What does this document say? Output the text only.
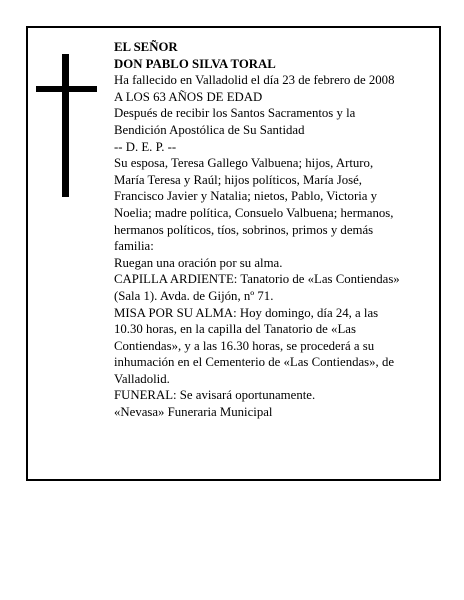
EL SEÑOR

DON PABLO SILVA TORAL

Ha fallecido en Valladolid el día 23 de febrero de 2008

A LOS 63 AÑOS DE EDAD

Después de recibir los Santos Sacramentos y la

Bendición Apostólica de Su Santidad

-- D. E. P. --

Su esposa, Teresa Gallego Valbuena; hijos, Arturo,

María Teresa y Raúl; hijos políticos, María José,

Francisco Javier y Natalia; nietos, Pablo, Victoria y

Noelia; madre política, Consuelo Valbuena; hermanos,

hermanos políticos, tíos, sobrinos, primos y demás

familia:

Ruegan una oración por su alma.

CAPILLA ARDIENTE: Tanatorio de «Las Contiendas»

(Sala 1). Avda. de Gijón, nº 71.

MISA POR SU ALMA: Hoy domingo, día 24, a las

10.30 horas, en la capilla del Tanatorio de «Las

Contiendas», y a las 16.30 horas, se procederá a su

inhumación en el Cementerio de «Las Contiendas», de

Valladolid.

FUNERAL: Se avisará oportunamente.

«Nevasa» Funeraria Municipal
